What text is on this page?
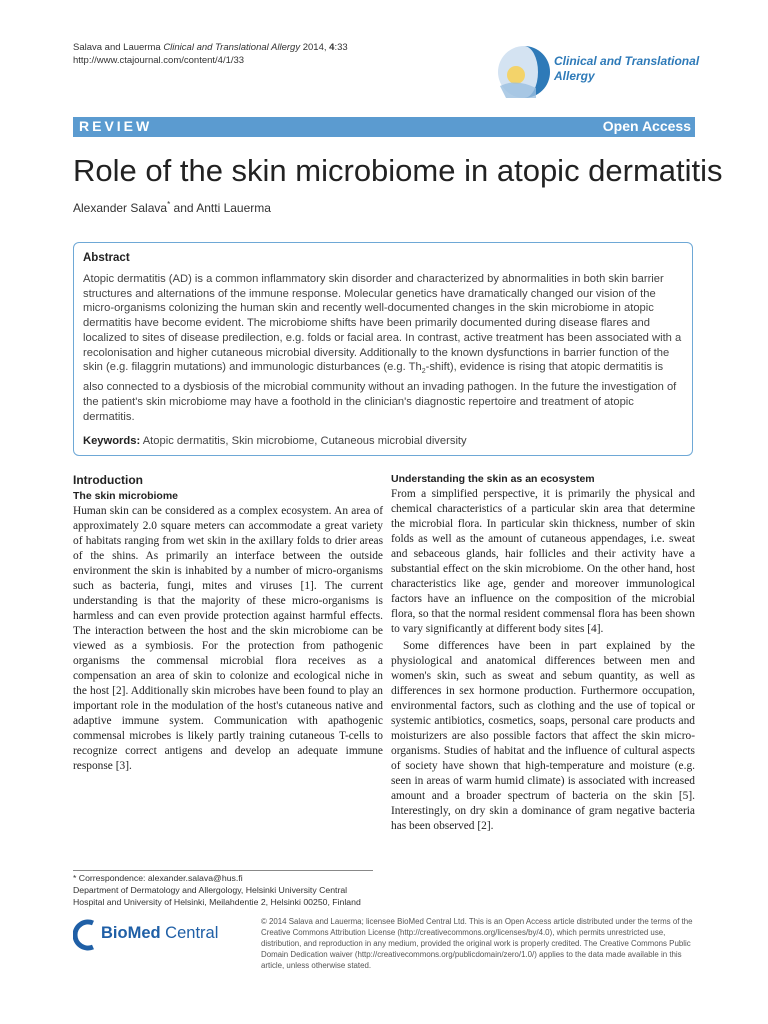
Salava and Lauerma Clinical and Translational Allergy 2014, 4:33
http://www.ctajournal.com/content/4/1/33	Clinical and Translational
Allergy
REVIEW	Open Access
Role of the skin microbiome in atopic dermatitis
Alexander Salava* and Antti Lauerma
Abstract
Atopic dermatitis (AD) is a common inflammatory skin disorder and characterized by abnormalities in both skin barrier structures and alternations of the immune response. Molecular genetics have dramatically changed our vision of the micro-organisms colonizing the human skin and recently well-documented changes in the skin microbiome in atopic dermatitis have become evident. The microbiome shifts have been primarily documented during disease flares and localized to sites of disease predilection, e.g. folds or facial area. In contrast, active treatment has been associated with a recolonisation and higher cutaneous microbial diversity. Additionally to the known dysfunctions in barrier function of the skin (e.g. filaggrin mutations) and immunologic disturbances (e.g. $Th_2-shift$), evidence is rising that atopic dermatitis is also connected to a dysbiosis of the microbial community without an invading pathogen. In the future the investigation of the patient's skin microbiome may have a foothold in the clinician's diagnostic repertoire and treatment of atopic dermatitis.
Keywords: Atopic dermatitis, Skin microbiome, Cutaneous microbial diversity
Introduction
The skin microbiome

Human skin can be considered as a complex ecosystem. An area of approximately 2.0 square meters can accommodate a great variety of habitats ranging from wet skin in the axillary folds to drier areas of the shins. As primarily an interface between the outside environment the skin is inhabited by a number of micro-organisms such as bacteria, fungi, mites and viruses [1]. The current understanding is that the majority of these micro-organisms is harmless and can even provide protection against harmful effects. The interaction between the host and the skin microbiome can be viewed as a symbiosis. For the protection from pathogenic organisms the commensal microbial flora receives as a compensation an area of skin to colonize and ecological niche in the host [2]. Additionally skin microbes have been found to play an important role in the modulation of the host's cutaneous native and adaptive immune system. Communication with apathogenic commensal microbes is likely partly training cutaneous T-cells to recognize correct antigens and develop an adequate immune response [3].

Understanding the skin as an ecosystem

From a simplified perspective, it is primarily the physical and chemical characteristics of a particular skin area that determine the microbial flora. In particular skin thickness, number of skin folds as well as the amount of cutaneous appendages, i.e. sweat and sebaceous glands, hair follicles and their activity have a substantial effect on the skin microbiome. On the other hand, host characteristics like age, gender and moreover immunological factors have an influence on the composition of the microbial flora, so that the normal resident commensal flora has been shown to vary significantly at different body sites [4].

Some differences have been in part explained by the physiological and anatomical differences between men and women's skin, such as sweat and sebum quantity, as well as differences in sex hormone production. Furthermore occupation, environmental factors, such as clothing and the use of topical or systemic antibiotics, cosmetics, soaps, personal care products and moisturizers are also possible factors that affect the skin micro-organisms. Studies of habitat and the influence of cultural aspects of society have shown that high-temperature and moisture (e.g. seen in areas of warm humid climate) is associated with increased amount and a broader spectrum of bacteria on the skin [5]. Interestingly, on dry skin a dominance of gram negative bacteria has been observed [2].

* Correspondence: alexander.salava@hus.fi
Department of Dermatology and Allergology, Helsinki University Central Hospital and University of Helsinki, Meilahdentie 2, Helsinki 00250, Finland
BioMed Central
© 2014 Salava and Lauerma; licensee BioMed Central Ltd. This is an Open Access article distributed under the terms of the Creative Commons Attribution License (http://creativecommons.org/licenses/by/4.0), which permits unrestricted use, distribution, and reproduction in any medium, provided the original work is properly credited. The Creative Commons Public Domain Dedication waiver (http://creativecommons.org/publicdomain/zero/1.0/) applies to the data made available in this article, unless otherwise stated.
